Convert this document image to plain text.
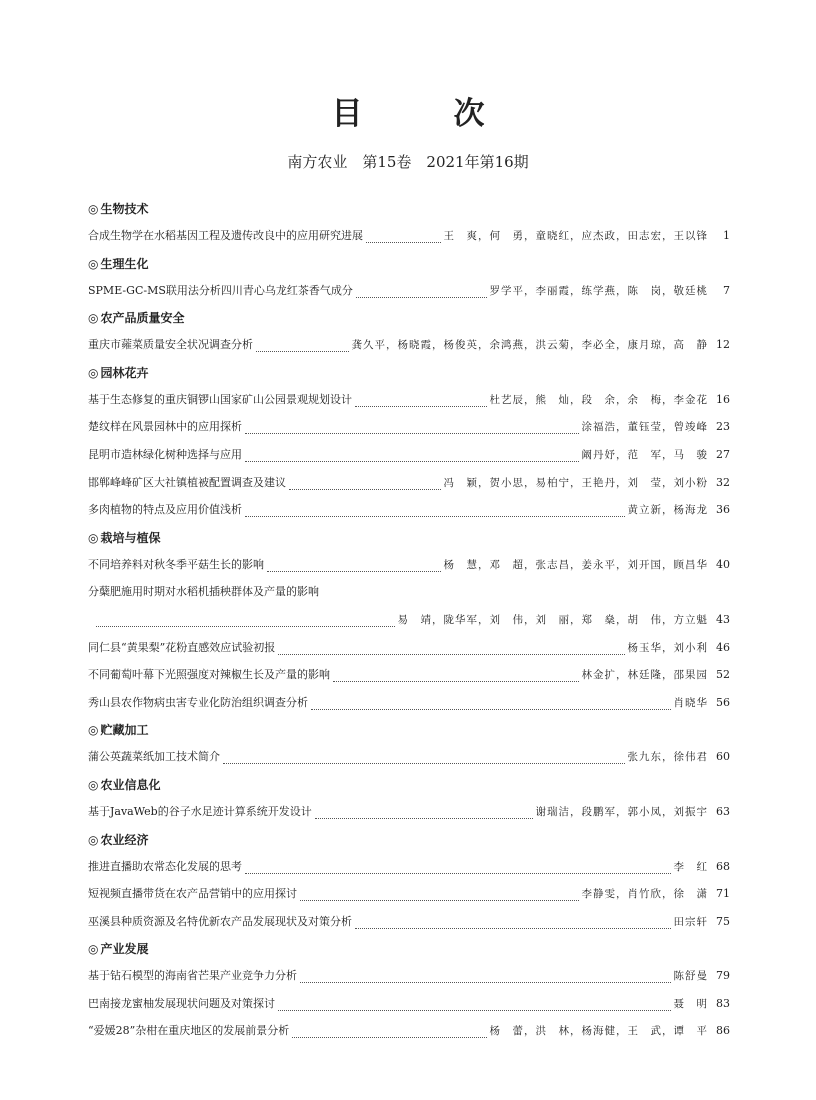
目　次
南方农业　第15卷　2021年第16期
◎ 生物技术
合成生物学在水稻基因工程及遗传改良中的应用研究进展
	王　爽，何　勇，童晓红，应杰政，田志宏，王以锋	1
◎ 生理生化
SPME-GC-MS联用法分析四川青心乌龙红茶香气成分
	罗学平，李丽霞，练学燕，陈　岗，敬廷桃	7
◎ 农产品质量安全
重庆市蕹菜质量安全状况调查分析
	龚久平，杨晓霞，杨俊英，余鸿燕，洪云菊，李必全，康月琼，高　静 12
◎ 园林花卉
基于生态修复的重庆铜锣山国家矿山公园景观规划设计
	杜艺辰，熊　灿，段　余，余　梅，李金花 16
楚纹样在风景园林中的应用探析
	涂福浩，董钰莹，曾竣峰 23
昆明市造林绿化树种选择与应用
	阚丹妤，范　军，马　骏 27
邯郸峰峰矿区大社镇植被配置调查及建议
	冯　颖，贺小思，易柏宁，王艳丹，刘　莹，刘小粉 32
多肉植物的特点及应用价值浅析
	黄立新，杨海龙 36
◎ 栽培与植保
不同培养料对秋冬季平菇生长的影响
	杨　慧，邓　超，张志昌，姜永平，刘开国，顾昌华 40
分蘖肥施用时期对水稻机插秧群体及产量的影响

易　靖，陇华军，刘　伟，刘　丽，郑　燊，胡　伟，方立魁 43
同仁县“黄果梨”花粉直感效应试验初报
	杨玉华，刘小利 46
不同葡萄叶幕下光照强度对辣椒生长及产量的影响
	林金扩，林廷隆，邵果园 52
秀山县农作物病虫害专业化防治组织调查分析
	肖晓华 56
◎ 贮藏加工
蒲公英蔬菜纸加工技术简介
	张九东，徐伟君 60
◎ 农业信息化
基于JavaWeb的谷子水足迹计算系统开发设计
	谢瑞洁，段鹏军，郭小凤，刘振宇 63
◎ 农业经济
推进直播助农常态化发展的思考
	李　红 68
短视频直播带货在农产品营销中的应用探讨
	李静雯，肖竹欣，徐　潇 71
巫溪县种质资源及名特优新农产品发展现状及对策分析
	田宗轩 75
◎ 产业发展
基于钻石模型的海南省芒果产业竞争力分析
	陈舒曼 79
巴南接龙蜜柚发展现状问题及对策探讨
	聂　明 83
“爱媛28”杂柑在重庆地区的发展前景分析
	杨　蕾，洪　林，杨海健，王　武，谭　平 86
